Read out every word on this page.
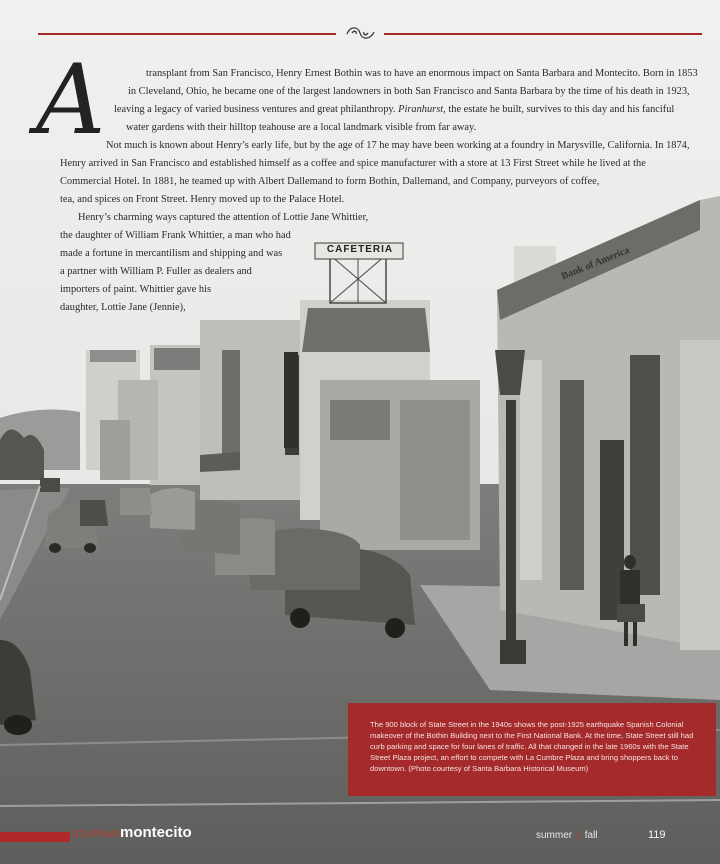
CAFETERIA	Bank of America
A	transplant from San Francisco, Henry Ernest Bothin was to have an enormous impact on Santa Barbara and Montecito. Born in 1853
in Cleveland, Ohio, he became one of the largest landowners in both San Francisco and Santa Barbara by the time of his death in 1923,
leaving a legacy of varied business ventures and great philanthropy. Piranhurst, the estate he built, survives to this day and his fanciful
water gardens with their hilltop teahouse are a local landmark visible from far away.
Not much is known about Henry’s early life, but by the age of 17 he may have been working at a foundry in Marysville, California. In 1874,
Henry arrived in San Francisco and established himself as a coffee and spice manufacturer with a store at 13 First Street while he lived at the
Commercial Hotel. In 1881, he teamed up with Albert Dallemand to form Bothin, Dallemand, and Company, purveyors of coffee,
tea, and spices on Front Street. Henry moved up to the Palace Hotel.
Henry’s charming ways captured the attention of Lottie Jane Whittier,
the daughter of William Frank Whittier, a man who had
made a fortune in mercantilism and shipping and was
a partner with William P. Fuller as dealers and
importers of paint. Whittier gave his
daughter, Lottie Jane (Jennie),
The 900 block of State Street in the 1940s shows the post-1925 earthquake Spanish Colonial makeover of the Bothin Building next to the First National Bank. At the time, State Street still had curb parking and space for four lanes of traffic. All that changed in the late 1960s with the State Street Plaza project, an effort to compete with La Cumbre Plaza and bring shoppers back to downtown. (Photo courtesy of Santa Barbara Historical Museum)
JOURNAL
montecito	summer | fall	119
